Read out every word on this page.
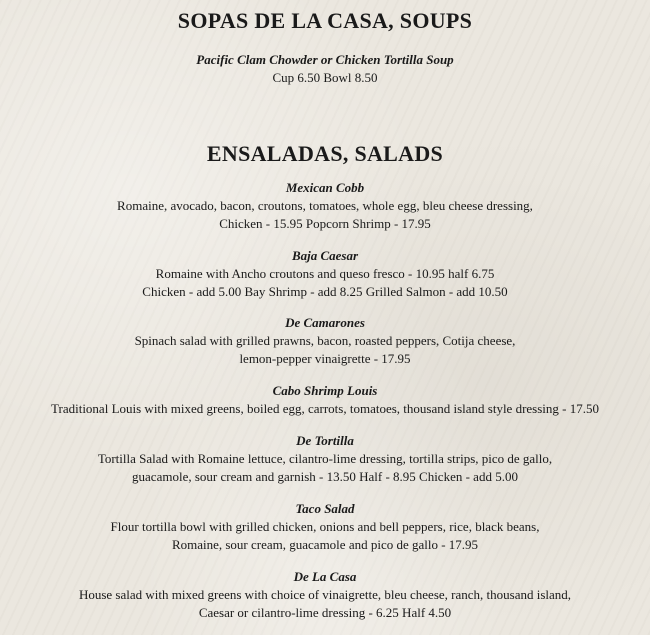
SOPAS DE LA CASA, SOUPS

Pacific Clam Chowder or Chicken Tortilla Soup

Cup 6.50 Bowl 8.50

ENSALADAS, SALADS

Mexican Cobb

Romaine, avocado, bacon, croutons, tomatoes, whole egg, bleu cheese dressing,

Chicken - 15.95 Popcorn Shrimp - 17.95

Baja Caesar

Romaine with Ancho croutons and queso fresco - 10.95 half 6.75

Chicken - add 5.00 Bay Shrimp - add 8.25 Grilled Salmon - add 10.50

De Camarones

Spinach salad with grilled prawns, bacon, roasted peppers, Cotija cheese,

lemon-pepper vinaigrette - 17.95

Cabo Shrimp Louis

Traditional Louis with mixed greens, boiled egg, carrots, tomatoes, thousand island style dressing - 17.50

De Tortilla

Tortilla Salad with Romaine lettuce, cilantro-lime dressing, tortilla strips, pico de gallo,

guacamole, sour cream and garnish - 13.50 Half - 8.95 Chicken - add 5.00

Taco Salad

Flour tortilla bowl with grilled chicken, onions and bell peppers, rice, black beans,

Romaine, sour cream, guacamole and pico de gallo - 17.95

De La Casa

House salad with mixed greens with choice of vinaigrette, bleu cheese, ranch, thousand island,

Caesar or cilantro-lime dressing - 6.25 Half 4.50
